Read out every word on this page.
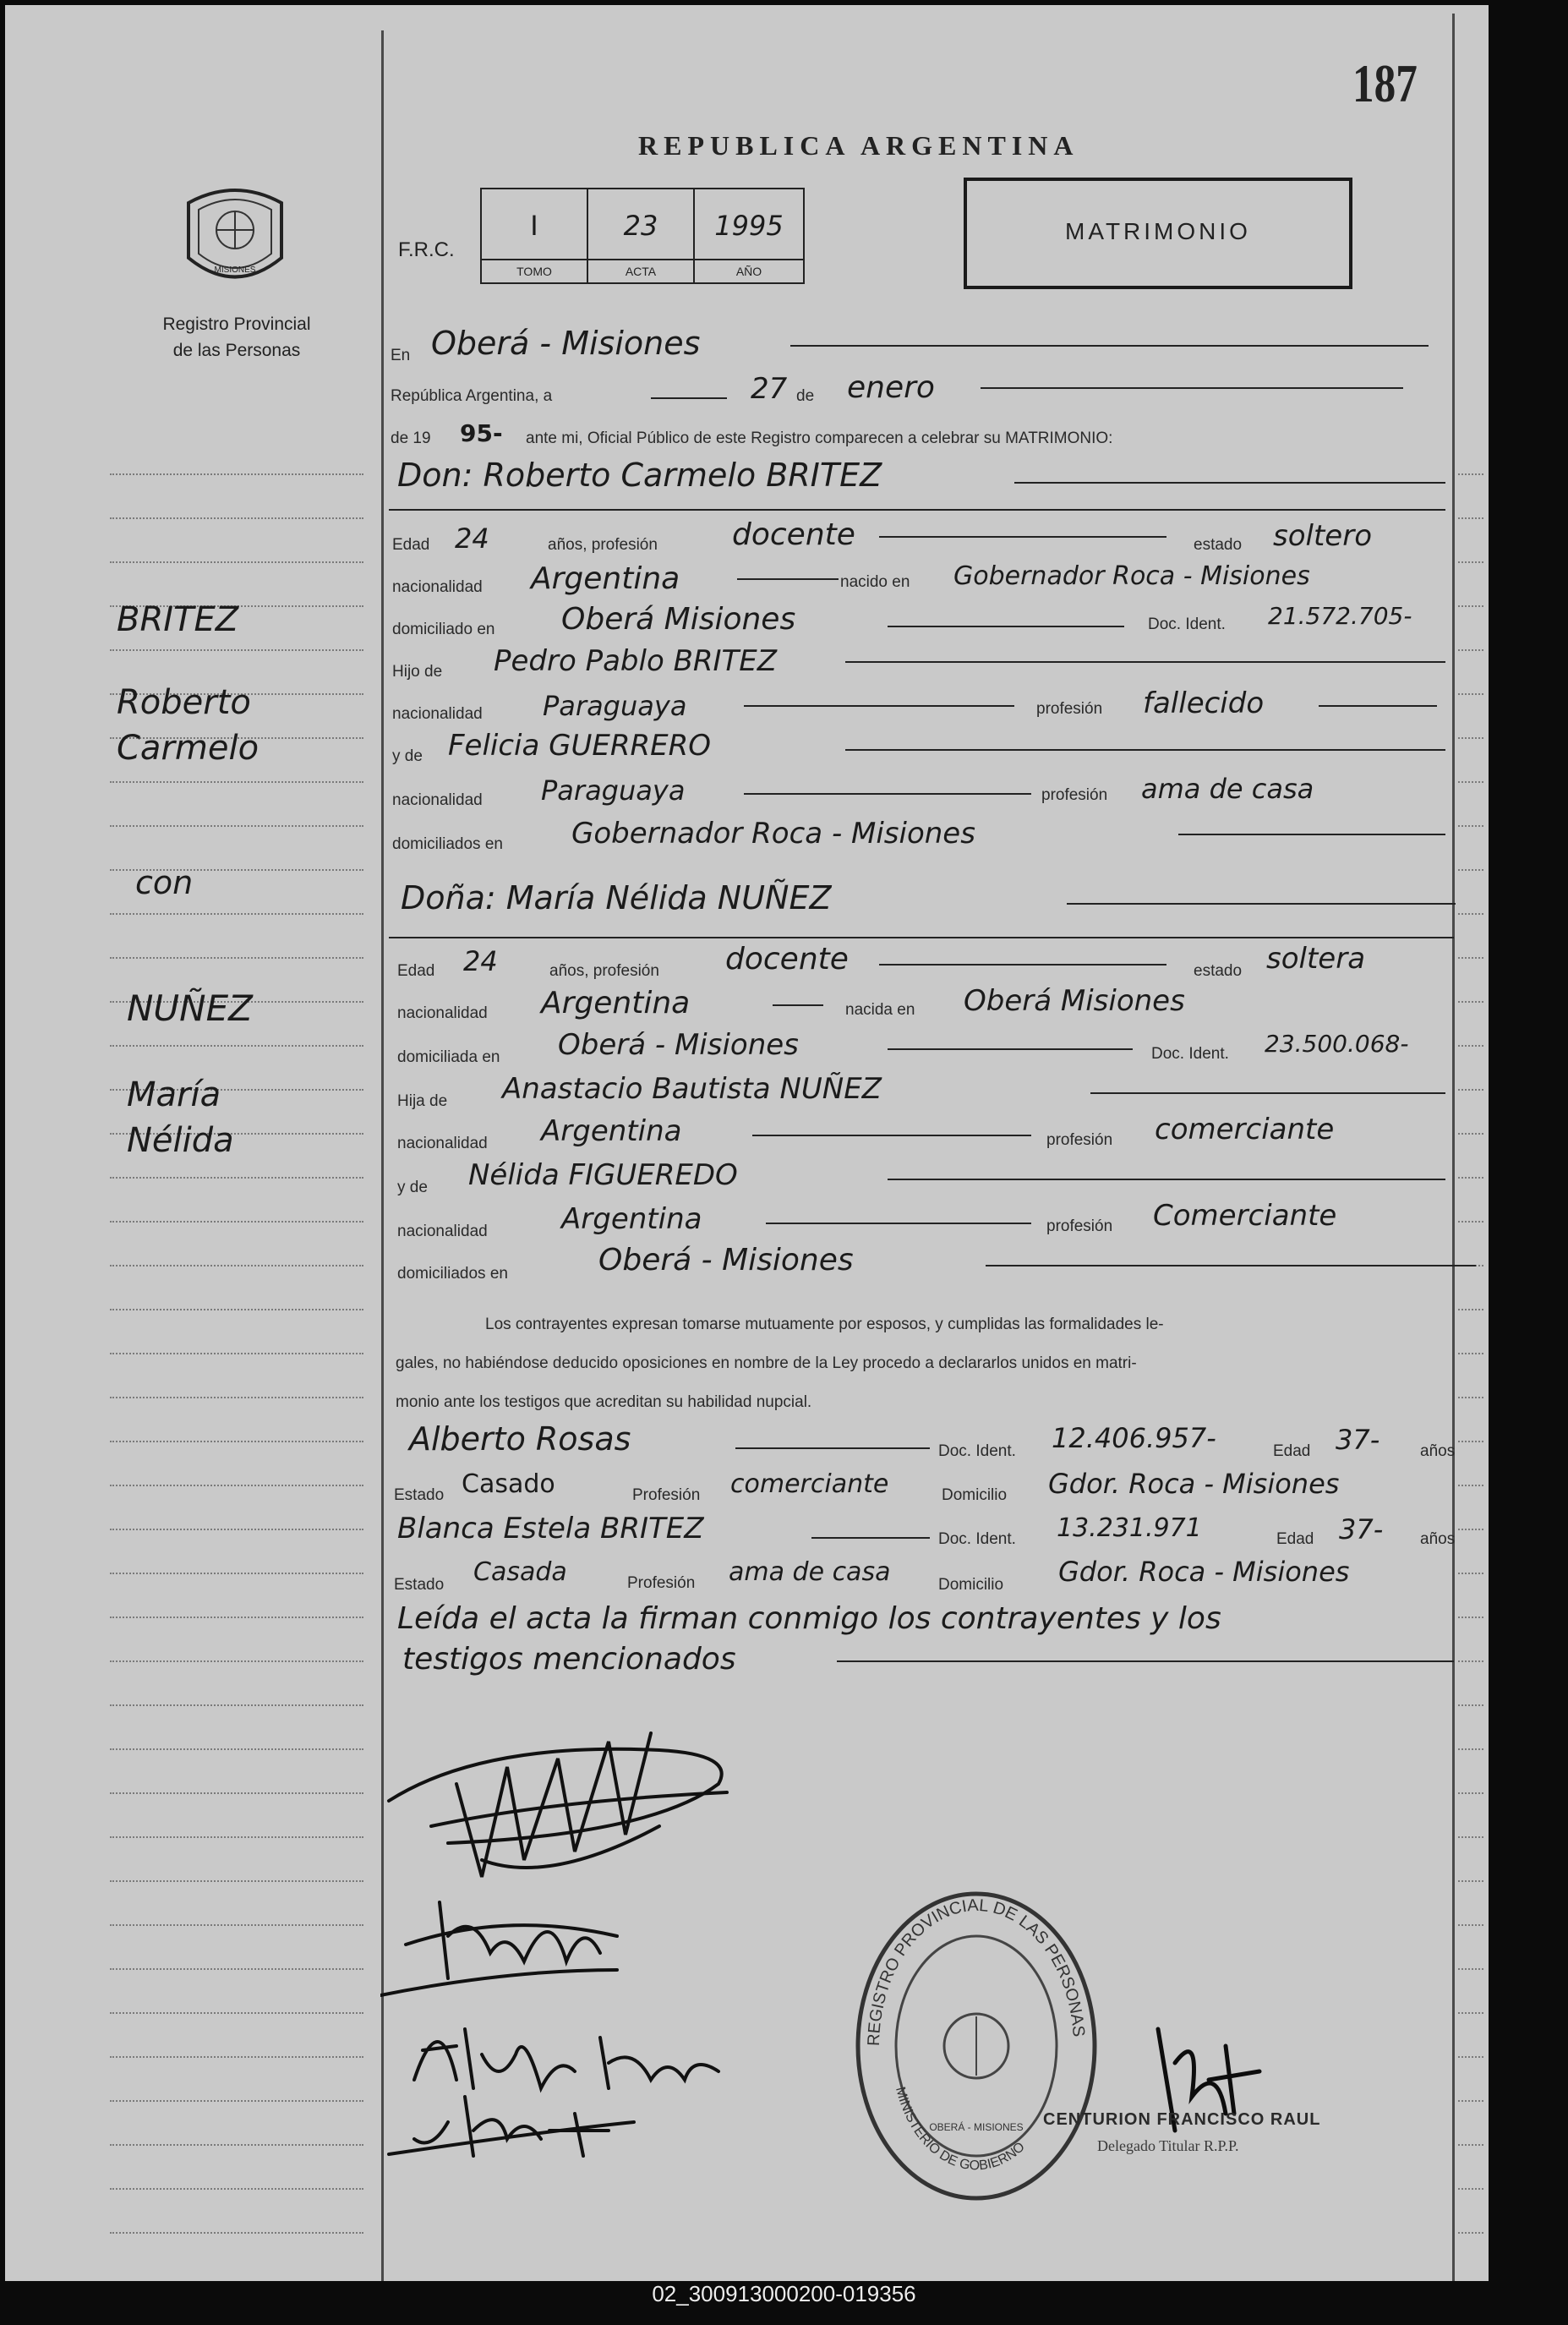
187
REPUBLICA ARGENTINA
MISIONES
Registro Provincial
de las Personas
F.R.C.
I
TOMO
23
ACTA
1995
AÑO
MATRIMONIO
BRITEZ
Roberto
Carmelo
con
NUÑEZ
María
Nélida
En Oberá - Misiones
República Argentina, a	27 de enero
de 19 95- ante mi, Oficial Público de este Registro comparecen a celebrar su MATRIMONIO:
Don: Roberto Carmelo BRITEZ
Edad 24	años, profesión docente	estado soltero
nacionalidad Argentina	nacido en Gobernador Roca - Misiones
domiciliado en Oberá Misiones	Doc. Ident. 21.572.705-
Hijo de Pedro Pablo BRITEZ
nacionalidad Paraguaya	profesión fallecido
y de Felicia GUERRERO
nacionalidad Paraguaya	profesión ama de casa
domiciliados en Gobernador Roca - Misiones
Doña: María Nélida NUÑEZ
Edad 24	años, profesión docente	estado soltera
nacionalidad Argentina	nacida en Oberá Misiones
domiciliada en Oberá - Misiones	Doc. Ident. 23.500.068-
Hija de Anastacio Bautista NUÑEZ
nacionalidad Argentina	profesión comerciante
y de Nélida FIGUEREDO
nacionalidad	Argentina	profesión Comerciante
domiciliados en	Oberá - Misiones
Los contrayentes expresan tomarse mutuamente por esposos, y cumplidas las formalidades le-
gales, no habiéndose deducido oposiciones en nombre de la Ley procedo a declararlos unidos en matri-
monio ante los testigos que acreditan su habilidad nupcial.
Alberto Rosas	Doc. Ident. 12.406.957-	Edad 37-	años
Estado Casado	Profesión comerciante	Domicilio Gdor. Roca - Misiones
Blanca Estela BRITEZ	Doc. Ident. 13.231.971	Edad 37- años
Estado Casada	Profesión ama de casa	Domicilio Gdor. Roca - Misiones
Leída el acta la firman conmigo los contrayentes y los
testigos mencionados
REGISTRO PROVINCIAL DE LAS PERSONAS
MINISTERIO DE GOBIERNO
OBERÁ - MISIONES CENTURION FRANCISCO RAUL
Delegado Titular R.P.P.
02_300913000200-019356
